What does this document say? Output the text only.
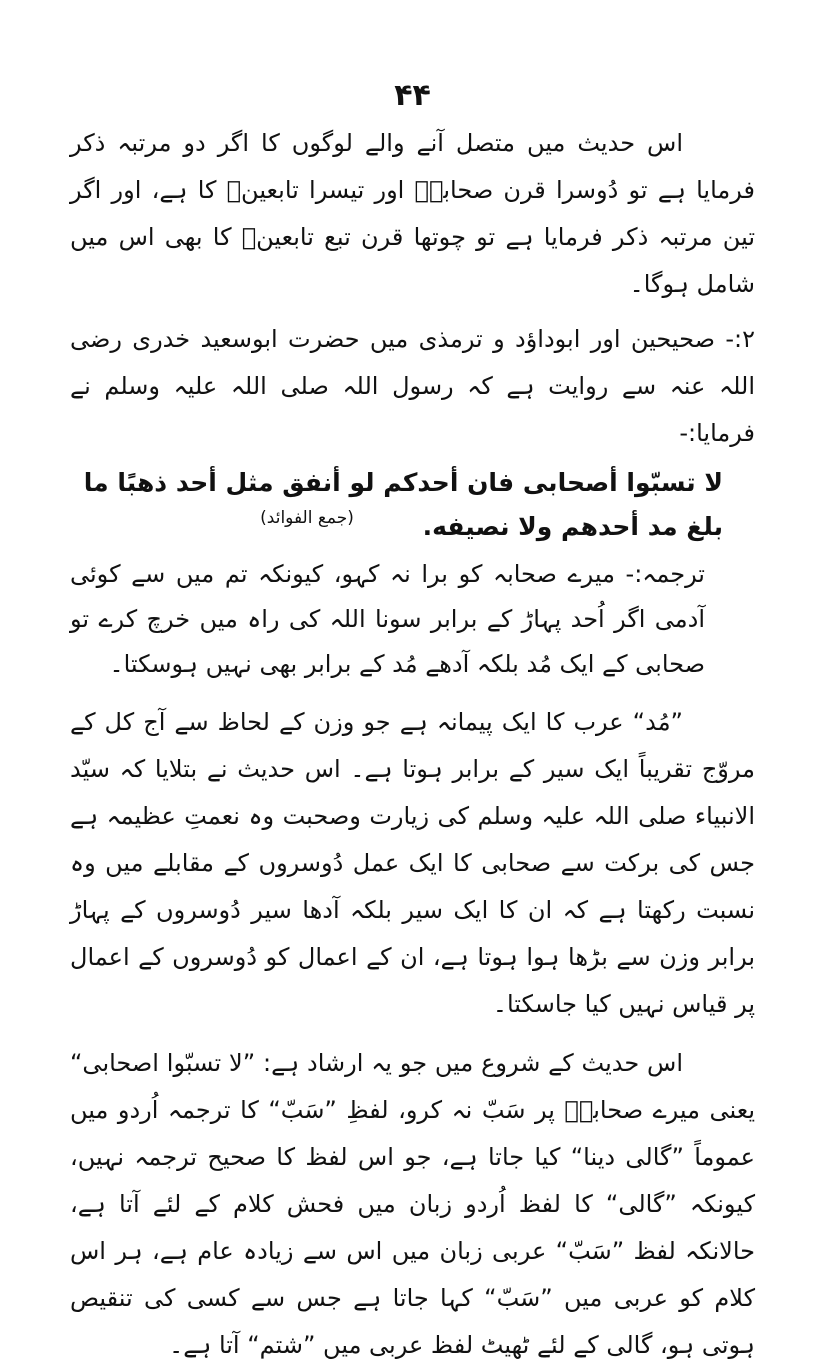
۴۴

اس حدیث میں متصل آنے والے لوگوں کا اگر دو مرتبہ ذکر فرمایا ہے تو دُوسرا قرن صحابہؓ اور تیسرا تابعینؒ کا ہے، اور اگر تین مرتبہ ذکر فرمایا ہے تو چوتھا قرن تبع تابعینؒ کا بھی اس میں شامل ہوگا۔

۲:- صحیحین اور ابوداؤد و ترمذی میں حضرت ابوسعید خدری رضی اللہ عنہ سے روایت ہے کہ رسول اللہ صلی اللہ علیہ وسلم نے فرمایا:-

لا تسبّوا أصحابی فان أحدکم لو أنفق مثل أحد ذھبًا ما
بلغ مد أحدھم ولا نصیفه. (جمع الفوائد)

ترجمہ:- میرے صحابہ کو برا نہ کہو، کیونکہ تم میں سے کوئی آدمی اگر اُحد پہاڑ کے برابر سونا اللہ کی راہ میں خرچ کرے تو صحابی کے ایک مُد بلکہ آدھے مُد کے برابر بھی نہیں ہوسکتا۔

”مُد“ عرب کا ایک پیمانہ ہے جو وزن کے لحاظ سے آج کل کے مروّج تقریباً ایک سیر کے برابر ہوتا ہے۔ اس حدیث نے بتلایا کہ سیّد الانبیاء صلی اللہ علیہ وسلم کی زیارت وصحبت وہ نعمتِ عظیمہ ہے جس کی برکت سے صحابی کا ایک عمل دُوسروں کے مقابلے میں وہ نسبت رکھتا ہے کہ ان کا ایک سیر بلکہ آدھا سیر دُوسروں کے پہاڑ برابر وزن سے بڑھا ہوا ہوتا ہے، ان کے اعمال کو دُوسروں کے اعمال پر قیاس نہیں کیا جاسکتا۔

اس حدیث کے شروع میں جو یہ ارشاد ہے: ”لا تسبّوا اصحابی“ یعنی میرے صحابہؓ پر سَبّ نہ کرو، لفظِ ”سَبّ“ کا ترجمہ اُردو میں عموماً ”گالی دینا“ کیا جاتا ہے، جو اس لفظ کا صحیح ترجمہ نہیں، کیونکہ ”گالی“ کا لفظ اُردو زبان میں فحش کلام کے لئے آتا ہے، حالانکہ لفظ ”سَبّ“ عربی زبان میں اس سے زیادہ عام ہے، ہر اس کلام کو عربی میں ”سَبّ“ کہا جاتا ہے جس سے کسی کی تنقیص ہوتی ہو، گالی کے لئے ٹھیٹ لفظ عربی میں ”شتم“ آتا ہے۔
